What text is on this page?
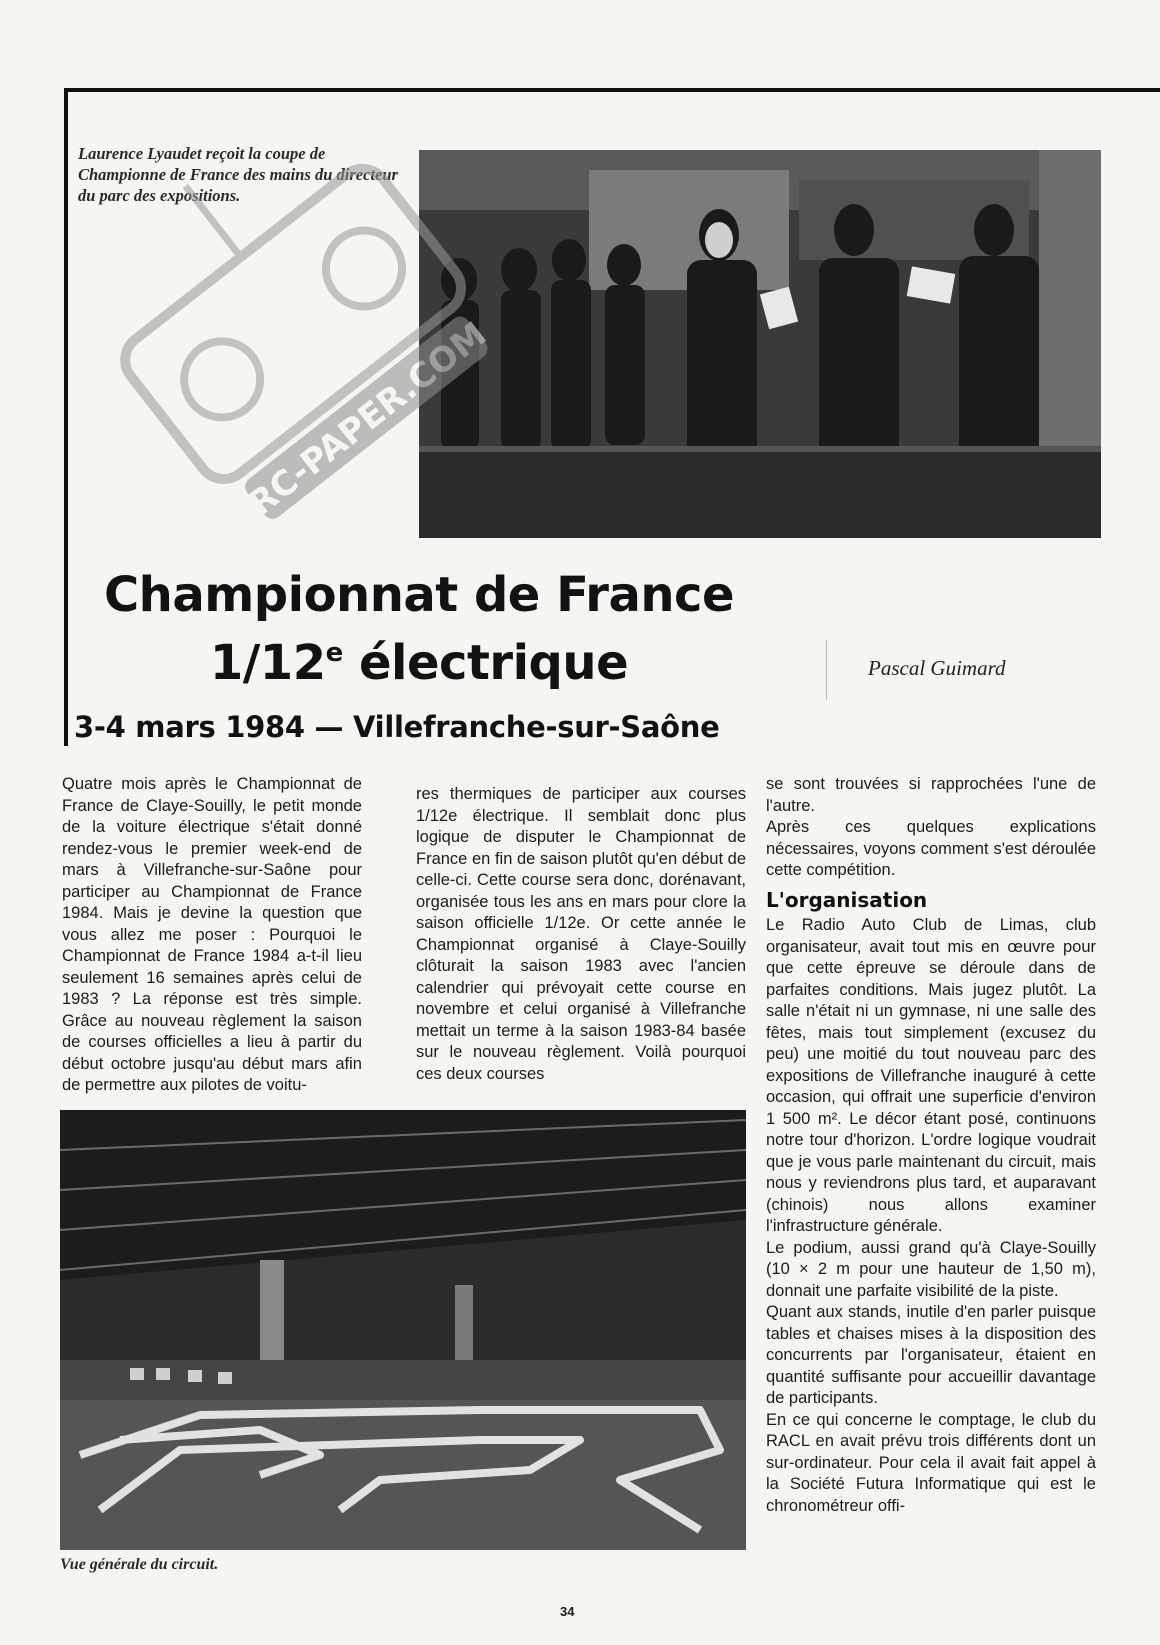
Laurence Lyaudet reçoit la coupe de Championne de France des mains du directeur du parc des expositions.
RC-PAPER.COM
Championnat de France
1/12e électrique	Pascal Guimard
3-4 mars 1984 — Villefranche-sur-Saône

Quatre mois après le Championnat de France de Claye-Souilly, le petit monde de la voiture électrique s'était donné rendez-vous le premier week-end de mars à Villefranche-sur-Saône pour participer au Championnat de France 1984. Mais je devine la question que vous allez me poser : Pourquoi le Championnat de France 1984 a-t-il lieu seulement 16 semaines après celui de 1983 ? La réponse est très simple. Grâce au nouveau règlement la saison de courses officielles a lieu à partir du début octobre jusqu'au début mars afin de permettre aux pilotes de voitu-

res thermiques de participer aux courses 1/12e électrique. Il semblait donc plus logique de disputer le Championnat de France en fin de saison plutôt qu'en début de celle-ci. Cette course sera donc, dorénavant, organisée tous les ans en mars pour clore la saison officielle 1/12e. Or cette année le Championnat organisé à Claye-Souilly clôturait la saison 1983 avec l'ancien calendrier qui prévoyait cette course en novembre et celui organisé à Villefranche mettait un terme à la saison 1983-84 basée sur le nouveau règlement. Voilà pourquoi ces deux courses

se sont trouvées si rapprochées l'une de l'autre.

Après ces quelques explications nécessaires, voyons comment s'est déroulée cette compétition.

L'organisation

Le Radio Auto Club de Limas, club organisateur, avait tout mis en œuvre pour que cette épreuve se déroule dans de parfaites conditions. Mais jugez plutôt. La salle n'était ni un gymnase, ni une salle des fêtes, mais tout simplement (excusez du peu) une moitié du tout nouveau parc des expositions de Villefranche inauguré à cette occasion, qui offrait une superficie d'environ 1 500 m². Le décor étant posé, continuons notre tour d'horizon. L'ordre logique voudrait que je vous parle maintenant du circuit, mais nous y reviendrons plus tard, et auparavant (chinois) nous allons examiner l'infrastructure générale.

Le podium, aussi grand qu'à Claye-Souilly (10 × 2 m pour une hauteur de 1,50 m), donnait une parfaite visibilité de la piste.

Quant aux stands, inutile d'en parler puisque tables et chaises mises à la disposition des concurrents par l'organisateur, étaient en quantité suffisante pour accueillir davantage de participants.

En ce qui concerne le comptage, le club du RACL en avait prévu trois différents dont un sur-ordinateur. Pour cela il avait fait appel à la Société Futura Informatique qui est le chronométreur offi-

Vue générale du circuit.
34
